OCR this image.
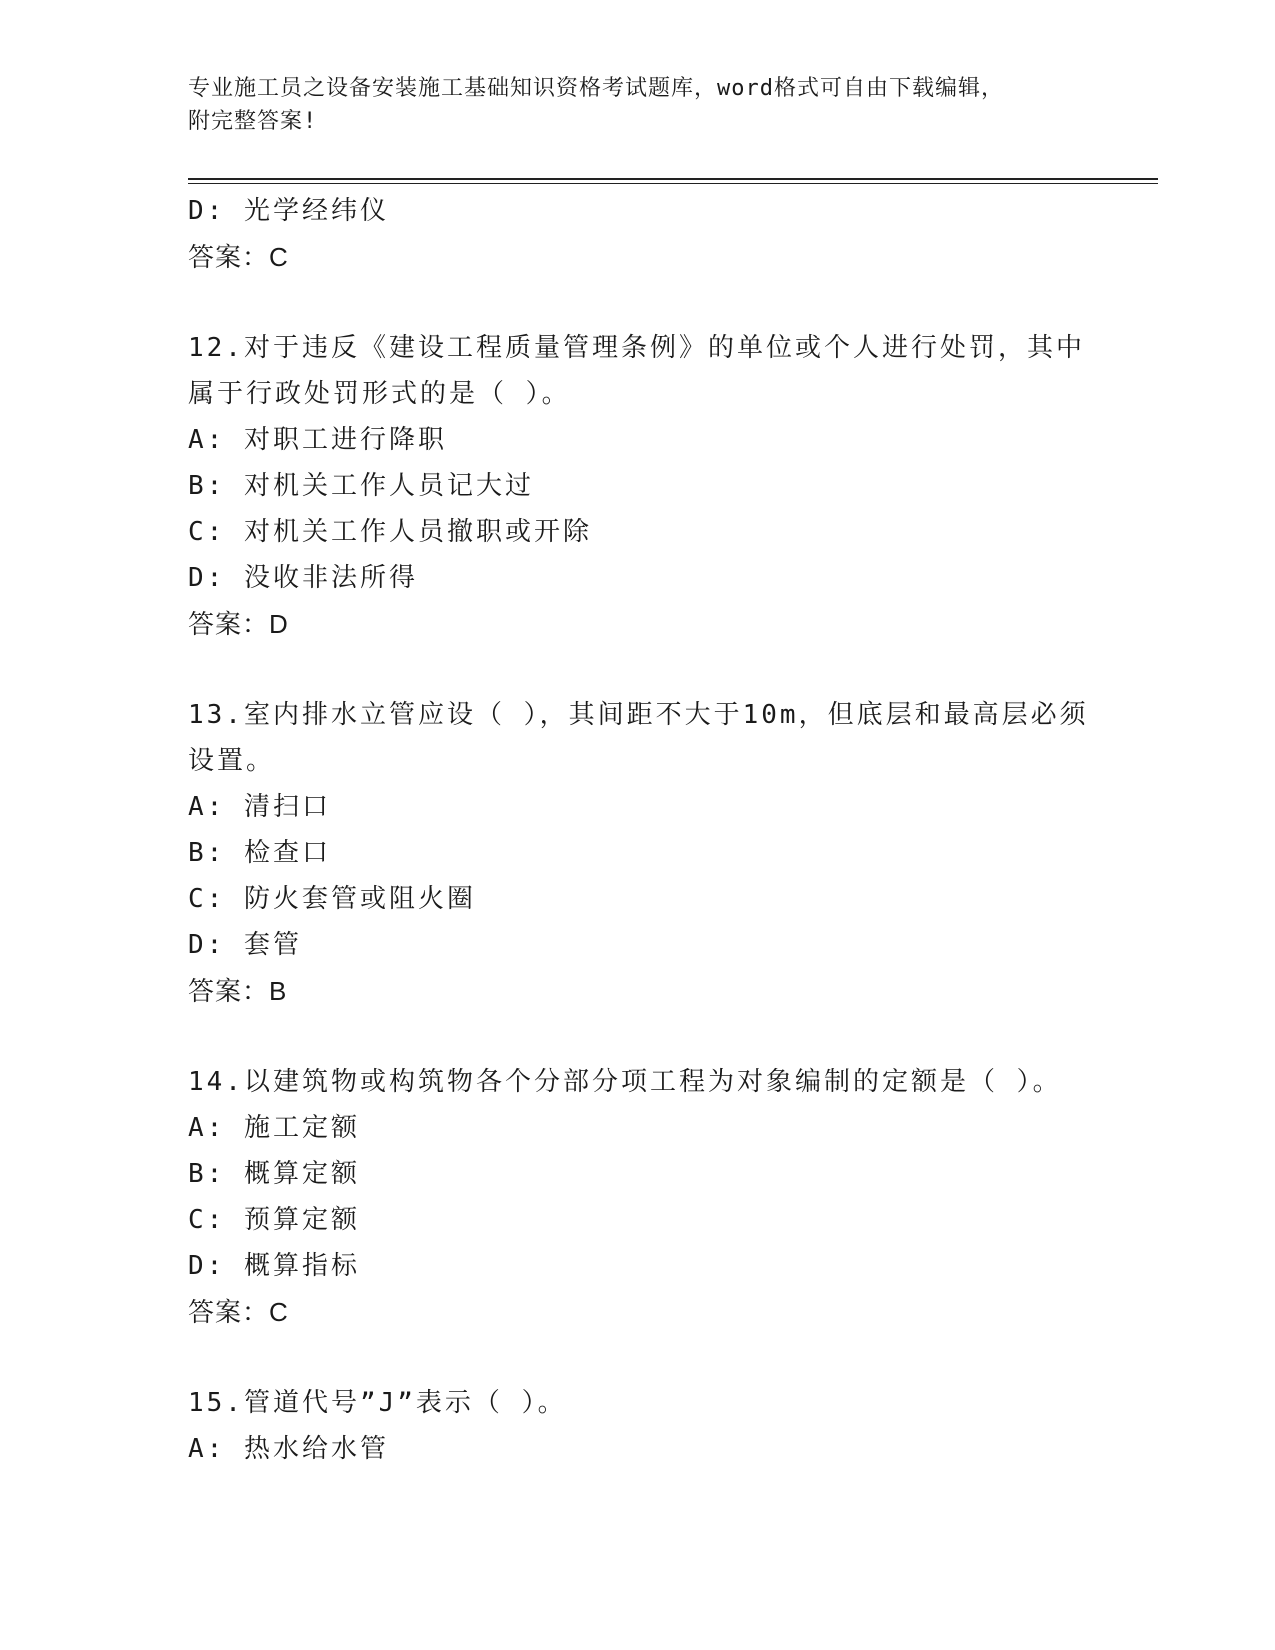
专业施工员之设备安装施工基础知识资格考试题库，word格式可自由下载编辑，
附完整答案!
D: 光学经纬仪
答案：C
12.对于违反《建设工程质量管理条例》的单位或个人进行处罚，其中
属于行政处罚形式的是（ ）。
A: 对职工进行降职
B: 对机关工作人员记大过
C: 对机关工作人员撤职或开除
D: 没收非法所得
答案：D
13.室内排水立管应设（ ），其间距不大于10m，但底层和最高层必须
设置。
A: 清扫口
B: 检查口
C: 防火套管或阻火圈
D: 套管
答案：B
14.以建筑物或构筑物各个分部分项工程为对象编制的定额是（ ）。
A: 施工定额
B: 概算定额
C: 预算定额
D: 概算指标
答案：C
15.管道代号”J”表示（ ）。
A: 热水给水管
